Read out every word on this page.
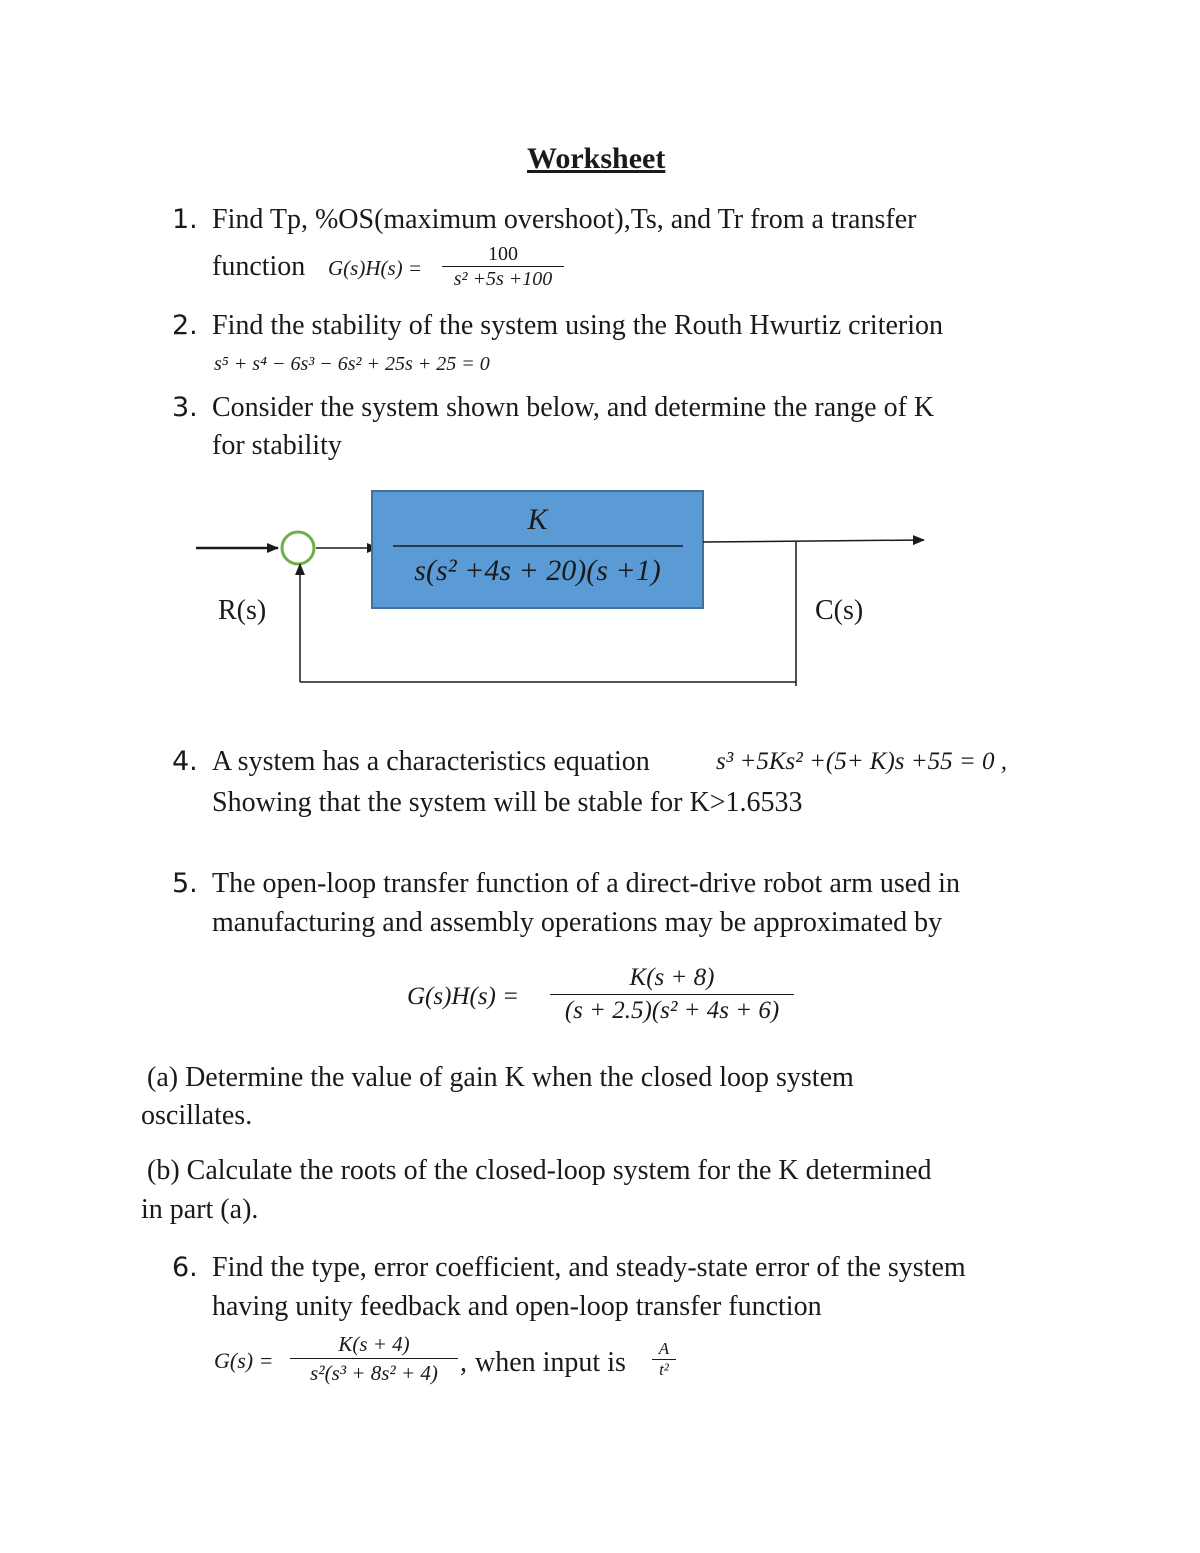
Worksheet
1. Find Tp, %OS(maximum overshoot),Ts, and Tr from a transfer
function G(s)H(s) =
100
s² +5s +100
2. Find the stability of the system using the Routh Hwurtiz criterion
s⁵ + s⁴ − 6s³ − 6s² + 25s + 25 = 0
3. Consider the system shown below, and determine the range of K
for stability
K
s(s² +4s + 20)(s +1)
R(s)	C(s)
4. A system has a characteristics equation	s³ +5Ks² +(5+ K)s +55 = 0 ,
Showing that the system will be stable for K>1.6533
5. The open-loop transfer function of a direct-drive robot arm used in
manufacturing and assembly operations may be approximated by
G(s)H(s) =
K(s + 8)
(s + 2.5)(s² + 4s + 6)
(a) Determine the value of gain K when the closed loop system
oscillates.
(b) Calculate the roots of the closed-loop system for the K determined
in part (a).
6. Find the type, error coefficient, and steady-state error of the system
having unity feedback and open-loop transfer function
G(s) =
K(s + 4)
s²(s³ + 8s² + 4) , when input is	A
t²
